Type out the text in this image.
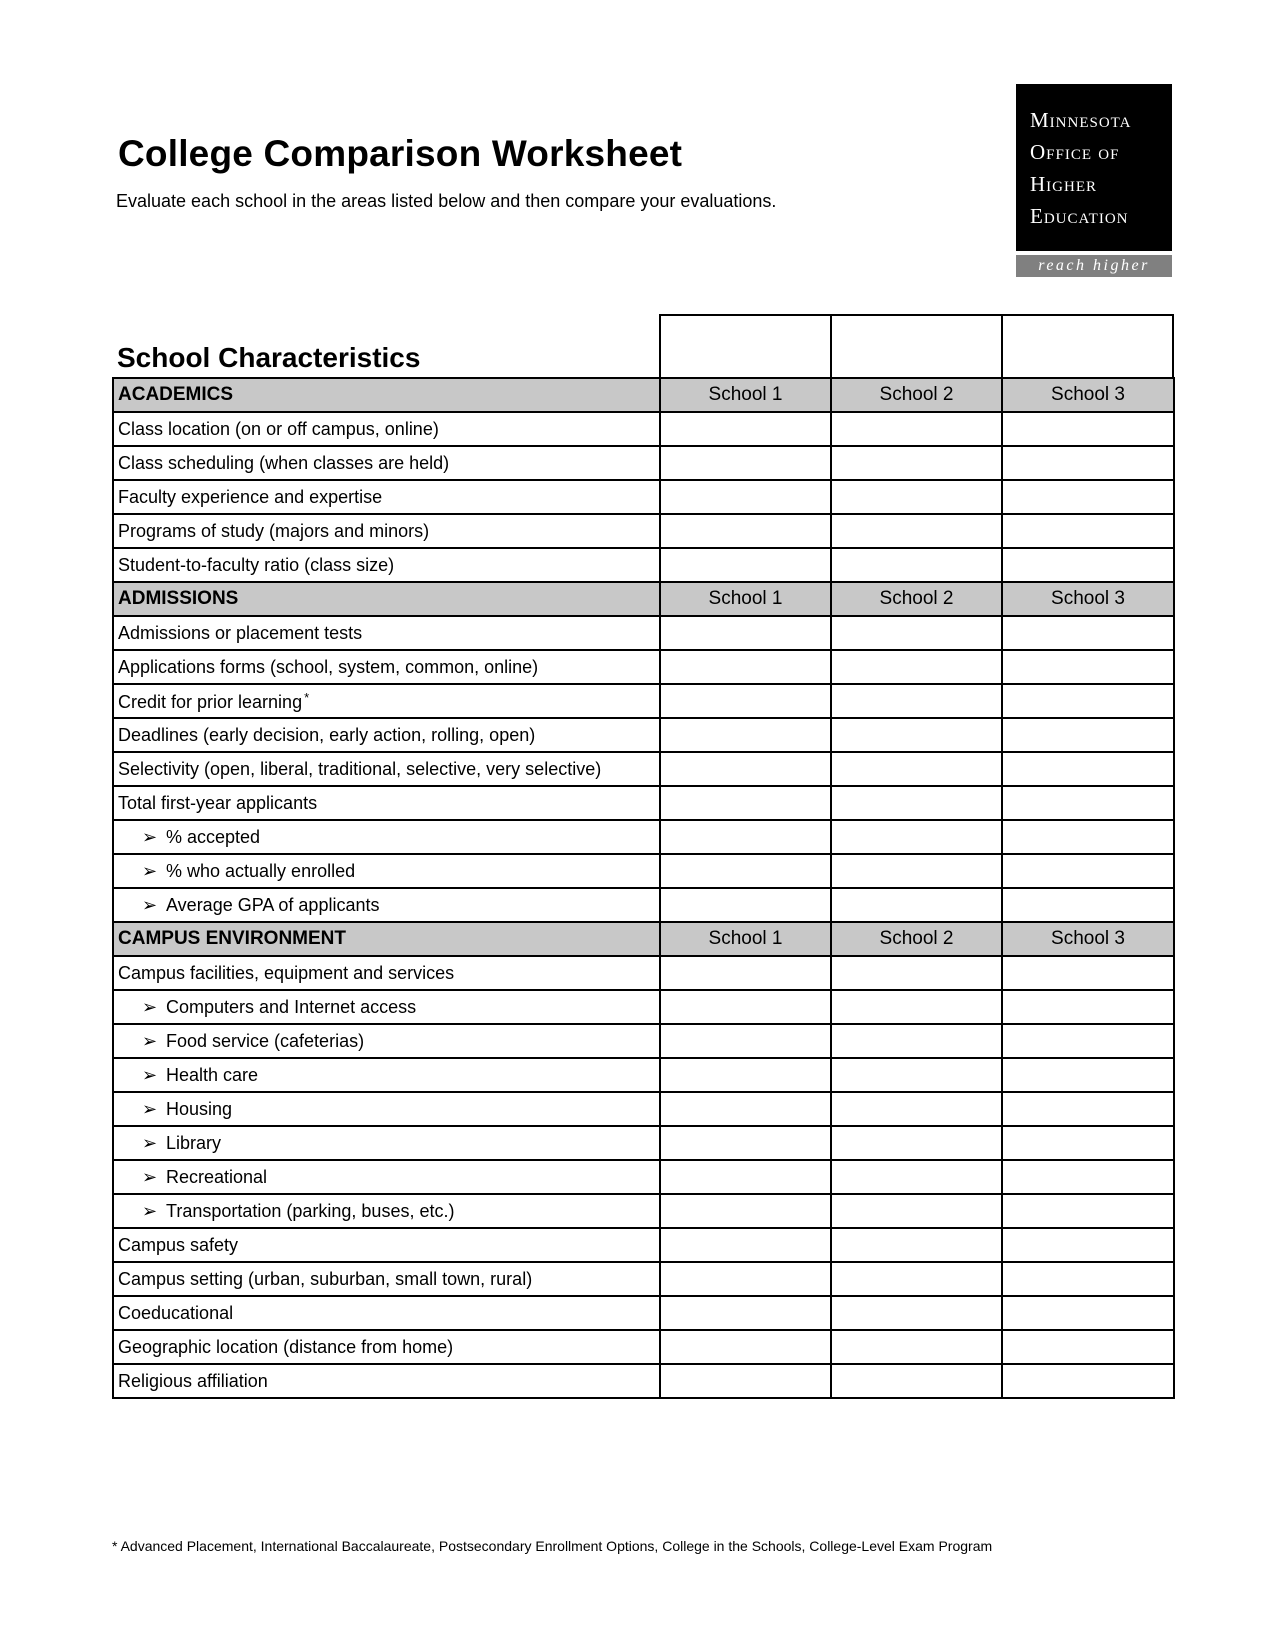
College Comparison Worksheet
Evaluate each school in the areas listed below and then compare your evaluations.
Minnesota
Office of
Higher
Education
reach higher
School Characteristics
ACADEMICS	School 1	School 2	School 3
Class location (on or off campus, online)			
Class scheduling (when classes are held)			
Faculty experience and expertise			
Programs of study (majors and minors)			
Student-to-faculty ratio (class size)			
ADMISSIONS	School 1	School 2	School 3
Admissions or placement tests			
Applications forms (school, system, common, online)			
Credit for prior learning *			
Deadlines (early decision, early action, rolling, open)			
Selectivity (open, liberal, traditional, selective, very selective)			
Total first-year applicants			
➢ % accepted			
➢ % who actually enrolled			
➢ Average GPA of applicants			
CAMPUS ENVIRONMENT	School 1	School 2	School 3
Campus facilities, equipment and services			
➢ Computers and Internet access			
➢ Food service (cafeterias)			
➢ Health care			
➢ Housing			
➢ Library			
➢ Recreational			
➢ Transportation (parking, buses, etc.)			
Campus safety			
Campus setting (urban, suburban, small town, rural)			
Coeducational			
Geographic location (distance from home)			
Religious affiliation			
* Advanced Placement, International Baccalaureate, Postsecondary Enrollment Options, College in the Schools, College-Level Exam Program
